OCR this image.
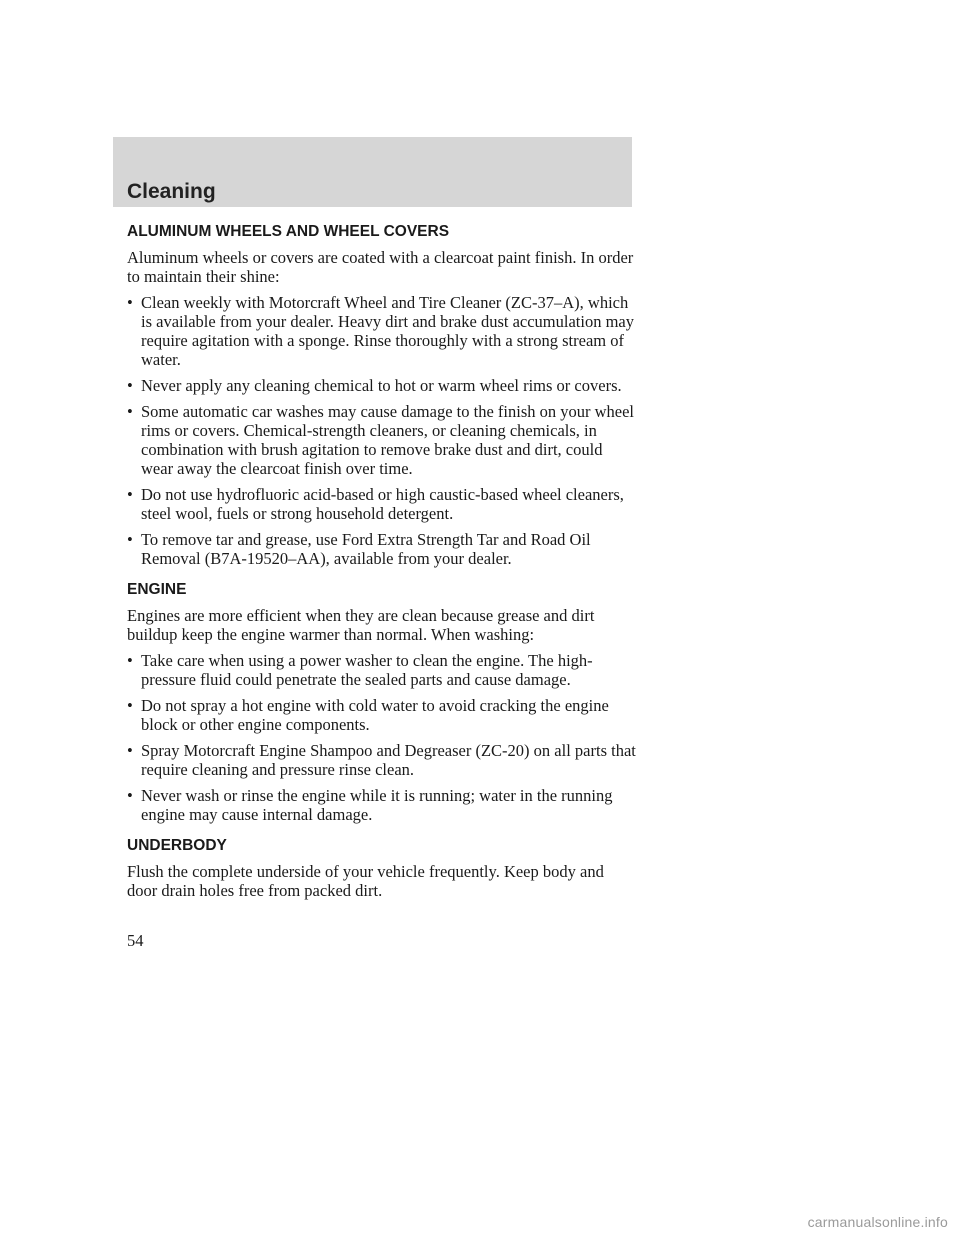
Cleaning
ALUMINUM WHEELS AND WHEEL COVERS

Aluminum wheels or covers are coated with a clearcoat paint finish. In order to maintain their shine:

• Clean weekly with Motorcraft Wheel and Tire Cleaner (ZC-37–A), which is available from your dealer. Heavy dirt and brake dust accumulation may require agitation with a sponge. Rinse thoroughly with a strong stream of water.
• Never apply any cleaning chemical to hot or warm wheel rims or covers.
• Some automatic car washes may cause damage to the finish on your wheel rims or covers. Chemical-strength cleaners, or cleaning chemicals, in combination with brush agitation to remove brake dust and dirt, could wear away the clearcoat finish over time.
• Do not use hydrofluoric acid-based or high caustic-based wheel cleaners, steel wool, fuels or strong household detergent.
• To remove tar and grease, use Ford Extra Strength Tar and Road Oil Removal (B7A-19520–AA), available from your dealer.
ENGINE

Engines are more efficient when they are clean because grease and dirt buildup keep the engine warmer than normal. When washing:

• Take care when using a power washer to clean the engine. The high-pressure fluid could penetrate the sealed parts and cause damage.
• Do not spray a hot engine with cold water to avoid cracking the engine block or other engine components.
• Spray Motorcraft Engine Shampoo and Degreaser (ZC-20) on all parts that require cleaning and pressure rinse clean.
• Never wash or rinse the engine while it is running; water in the running engine may cause internal damage.
UNDERBODY

Flush the complete underside of your vehicle frequently. Keep body and door drain holes free from packed dirt.

54
carmanualsonline.info
